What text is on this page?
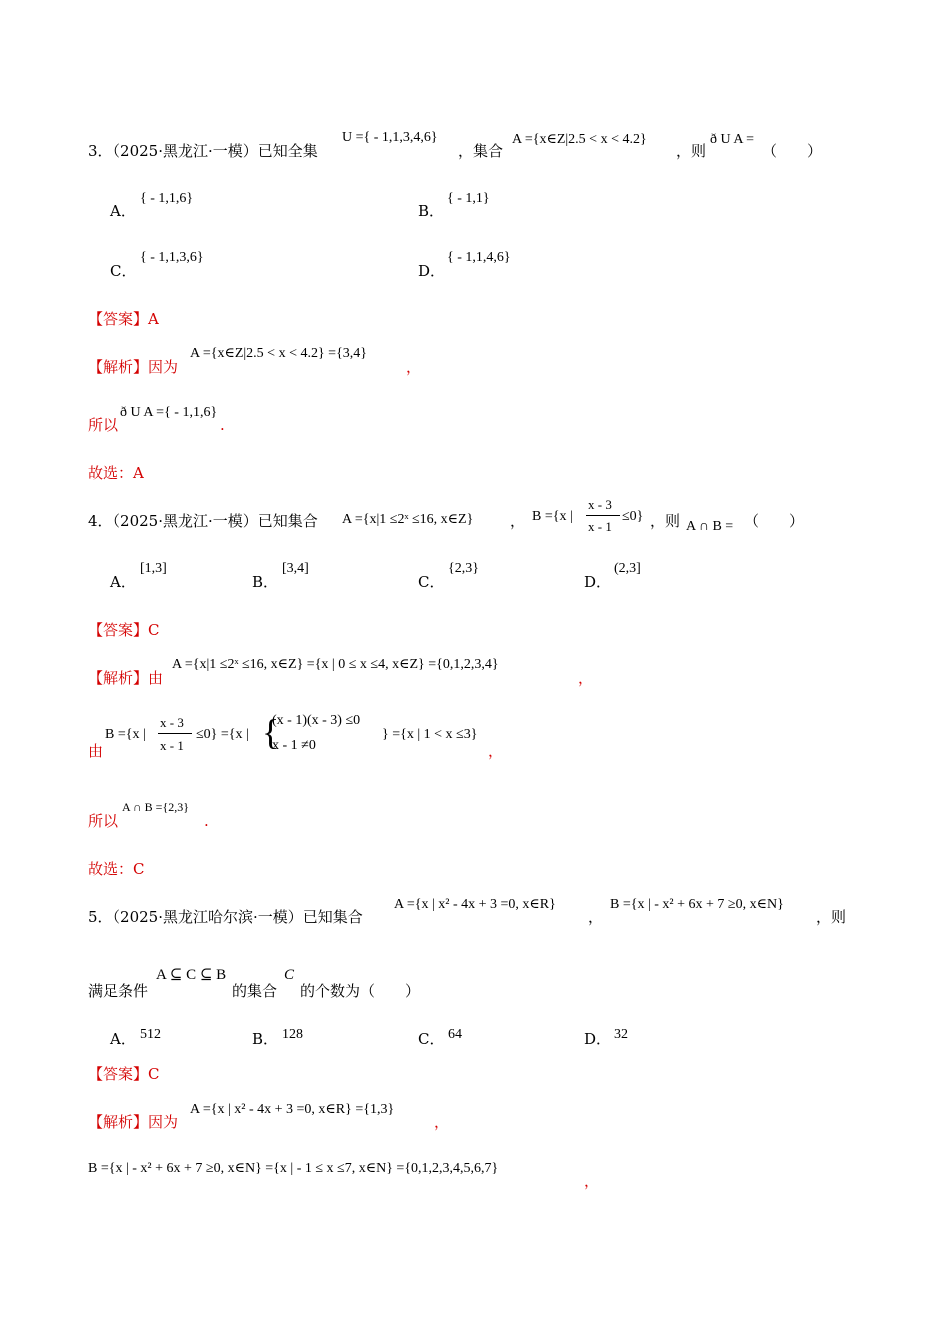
3．（2025·黑龙江·一模）已知全集
U ={ - 1,1,3,4,6}
，集合
A ={x∈Z|2.5 < x < 4.2}
，则
ð U A =
（　　）
A．
{ - 1,1,6}
B．
{ - 1,1}
C．
{ - 1,1,3,6}
D．
{ - 1,1,4,6}
【答案】A
【解析】因为
A ={x∈Z|2.5 < x < 4.2} ={3,4}
，
所以
ð U A ={ - 1,1,6}
.
故选：A
4．（2025·黑龙江·一模）已知集合 A ={x|1 ≤2ˣ ≤16, x∈Z} ， B ={x |
x - 3
x - 1
≤0} ，则 A ∩ B = （　　）
A．
[1,3]
B．
[3,4]
C．
{2,3}
D．
(2,3]
【答案】C
【解析】由
A ={x|1 ≤2ˣ ≤16, x∈Z} ={x | 0 ≤ x ≤4, x∈Z} ={0,1,2,3,4}
，
由
B ={x |
x - 3
x - 1
≤0} ={x | {
(x - 1)(x - 3) ≤0
x - 1 ≠0
} ={x | 1 < x ≤3}
，
所以
A ∩ B ={2,3}
.
故选：C
5．（2025·黑龙江哈尔滨·一模）已知集合
A ={x | x² - 4x + 3 =0, x∈R}
，
B ={x | - x² + 6x + 7 ≥0, x∈N}
，则
满足条件
A ⊆ C ⊆ B
的集合
C
的个数为（　　）
A． 512	B． 128	C． 64	D． 32
【答案】C
【解析】因为
A ={x | x² - 4x + 3 =0, x∈R} ={1,3}
，
B ={x | - x² + 6x + 7 ≥0, x∈N} ={x | - 1 ≤ x ≤7, x∈N} ={0,1,2,3,4,5,6,7}
，
